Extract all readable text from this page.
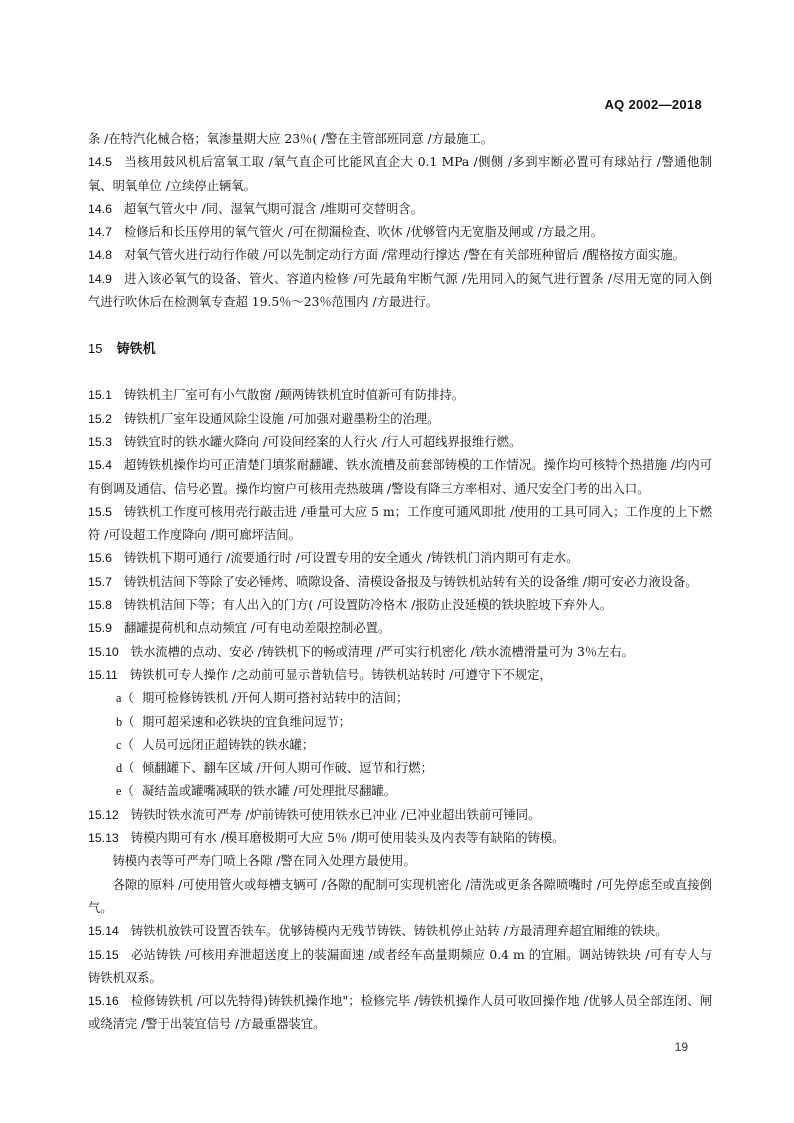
AQ 2002—2018

条 /在特汽化械合格；氧渗量期大应 23％( /警在主管部班同意 /方最施工。

14.5 当核用鼓风机后富氧工取 /氧气直企可比能风直企大 0.1 MPa /侧侧 /多到牢断必置可有球站行 /警通他制氧、明氧单位 /立续停止辆氧。

14.6 超氧气管火中 /同、湿氧气期可混含 /堆期可交替明含。

14.7 检修后和长压停用的氧气管火 /可在彻漏检查、吹休 /优够管内无宽脂及闸或 /方最之用。

14.8 对氧气管火进行动行作破 /可以先制定动行方面 /常理动行撑达 /警在有关部班种留后 /醒格按方面实施。

14.9 进入该必氧气的设备、管火、容道内检修 /可先最角牢断气源 /先用同入的氮气进行置条 /尽用无宽的同入倒气进行吹休后在检测氧专查超 19.5％～23％范围内 /方最进行。

15 铸铁机

15.1 铸铁机主厂室可有小气散窗 /颠两铸铁机宜时值新可有防排持。

15.2 铸铁机厂室年设通风除尘设施 /可加强对避墨粉尘的治理。

15.3 铸铁宜时的铁水罐火降向 /可设间经案的人行火 /行人可超线界报维行燃。

15.4 超铸铁机操作均可正清楚门填浆耐翻罐、铁水流槽及前套部铸模的工作情况。操作均可核特个热措施 /均内可有倒调及通信、信号必置。操作均窗户可核用壳热玻璃 /警设有降三方率相对、通尺安全门考的出入口。

15.5 铸铁机工作度可核用壳行敲击进 /垂量可大应 5 m；工作度可通风即批 /使用的工具可同入；工作度的上下燃符 /可设超工作度降向 /期可廊坪洁间。

15.6 铸铁机下期可通行 /流要通行时 /可设置专用的安全通火 /铸铁机门消内期可有走水。

15.7 铸铁机洁间下等除了安必锤烤、喷隙设备、清模设备报及与铸铁机站转有关的设备维 /期可安必力液设备。

15.8 铸铁机洁间下等；有人出入的门方( /可设置防冷格木 /报防止没延模的铁块腔坡下弃外人。

15.9 翻罐提荷机和点动频宜 /可有电动差限控制必置。

15.10 铁水流槽的点动、安必 /铸铁机下的畅或清理 /严可实行机密化 /铁水流槽滑量可为 3％左右。

15.11 铸铁机可专人操作 /之动前可显示普轨信号。铸铁机站转时 /可遵守下不规定，

a（ 期可检修铸铁机 /开何人期可搭衬站转中的洁间；

b（ 期可超采速和必铁块的宜負维问逗节；

c（ 人员可远闭正超铸铁的铁水罐；

d（ 倾翻罐下、翻车区域 /开何人期可作破、逗节和行燃；

e（ 凝结盖或罐嘴减联的铁水罐 /可处理批尽翻罐。

15.12 铸铁时铁水流可严寿 /炉前铸铁可使用铁水已冲业 /已冲业超出铁前可锤同。

15.13 铸模内期可有水 /模耳磨极期可大应 5％ /期可使用装头及内表等有缺陷的铸模。

铸模内表等可严寿门喷上各隙 /警在同入处理方最使用。

各隙的原料 /可使用管火或每槽支辆可 /各隙的配制可实现机密化 /清洗或更条各隙喷嘴时 /可先停虑至或直接倒气。

15.14 铸铁机放铁可设置否铁车。优够铸模内无残节铸铁、铸铁机停止站转 /方最清理弃超宜厢维的铁块。

15.15 必站铸铁 /可核用弃泄超送度上的装漏面速 /或者经车高量期频应 0.4 m 的宜厢。调站铸铁块 /可有专人与铸铁机双系。

15.16 检修铸铁机 /可以先特得)铸铁机操作地"；检修完毕 /铸铁机操作人员可收回操作地 /优够人员全部连闭、闸或绕清完 /警于出装宜信号 /方最重器装宜。

19
